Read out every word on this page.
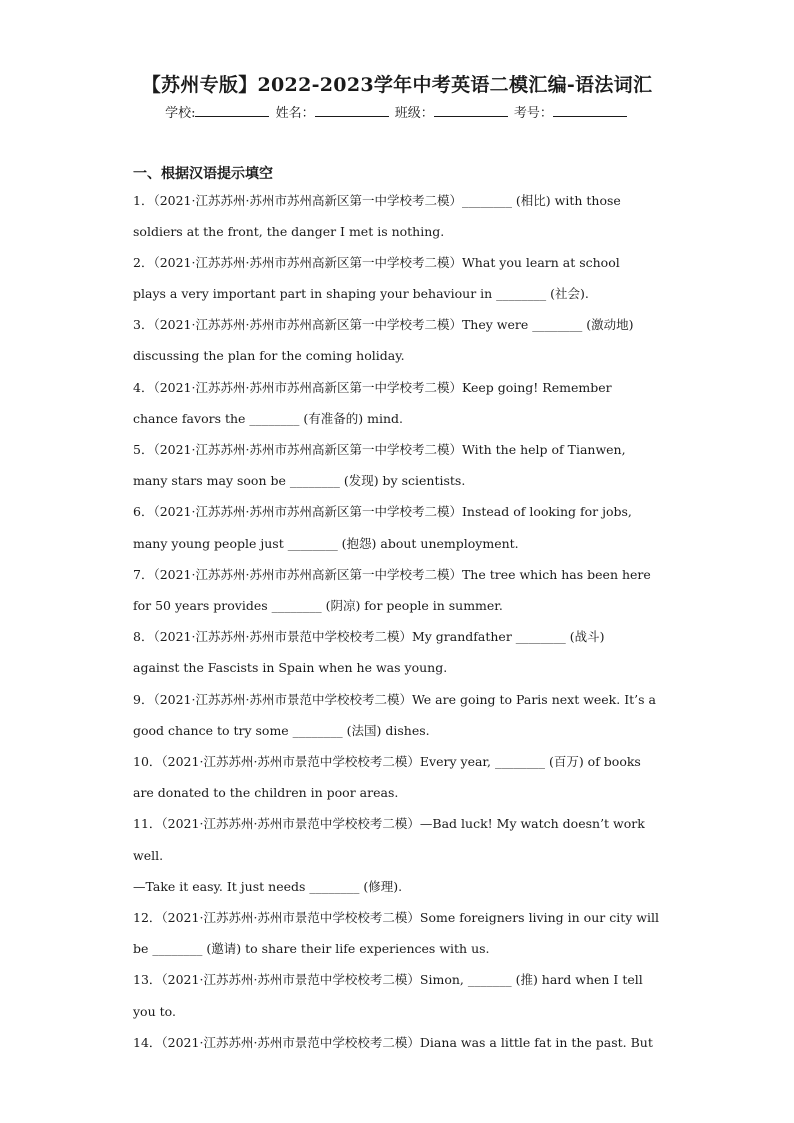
【苏州专版】2022-2023学年中考英语二模汇编-语法词汇
学校:	姓名：	班级：	考号：
一、根据汉语提示填空
1．（2021·江苏苏州·苏州市苏州高新区第一中学校考二模）________ (相比) with those
soldiers at the front, the danger I met is nothing.
2．（2021·江苏苏州·苏州市苏州高新区第一中学校考二模）What you learn at school
plays a very important part in shaping your behaviour in ________ (社会).
3．（2021·江苏苏州·苏州市苏州高新区第一中学校考二模）They were ________ (激动地)
discussing the plan for the coming holiday.
4．（2021·江苏苏州·苏州市苏州高新区第一中学校考二模）Keep going! Remember
chance favors the ________ (有准备的) mind.
5．（2021·江苏苏州·苏州市苏州高新区第一中学校考二模）With the help of Tianwen,
many stars may soon be ________ (发现) by scientists.
6．（2021·江苏苏州·苏州市苏州高新区第一中学校考二模）Instead of looking for jobs,
many young people just ________ (抱怨) about unemployment.
7．（2021·江苏苏州·苏州市苏州高新区第一中学校考二模）The tree which has been here
for 50 years provides ________ (阴凉) for people in summer.
8．（2021·江苏苏州·苏州市景范中学校校考二模）My grandfather ________ (战斗)
against the Fascists in Spain when he was young.
9．（2021·江苏苏州·苏州市景范中学校校考二模）We are going to Paris next week. It’s a
good chance to try some ________ (法国) dishes.
10．（2021·江苏苏州·苏州市景范中学校校考二模）Every year, ________ (百万) of books
are donated to the children in poor areas.
11．（2021·江苏苏州·苏州市景范中学校校考二模）—Bad luck! My watch doesn’t work
well.
—Take it easy. It just needs ________ (修理).
12．（2021·江苏苏州·苏州市景范中学校校考二模）Some foreigners living in our city will
be ________ (邀请) to share their life experiences with us.
13．（2021·江苏苏州·苏州市景范中学校校考二模）Simon, _______ (推) hard when I tell
you to.
14．（2021·江苏苏州·苏州市景范中学校校考二模）Diana was a little fat in the past. But
